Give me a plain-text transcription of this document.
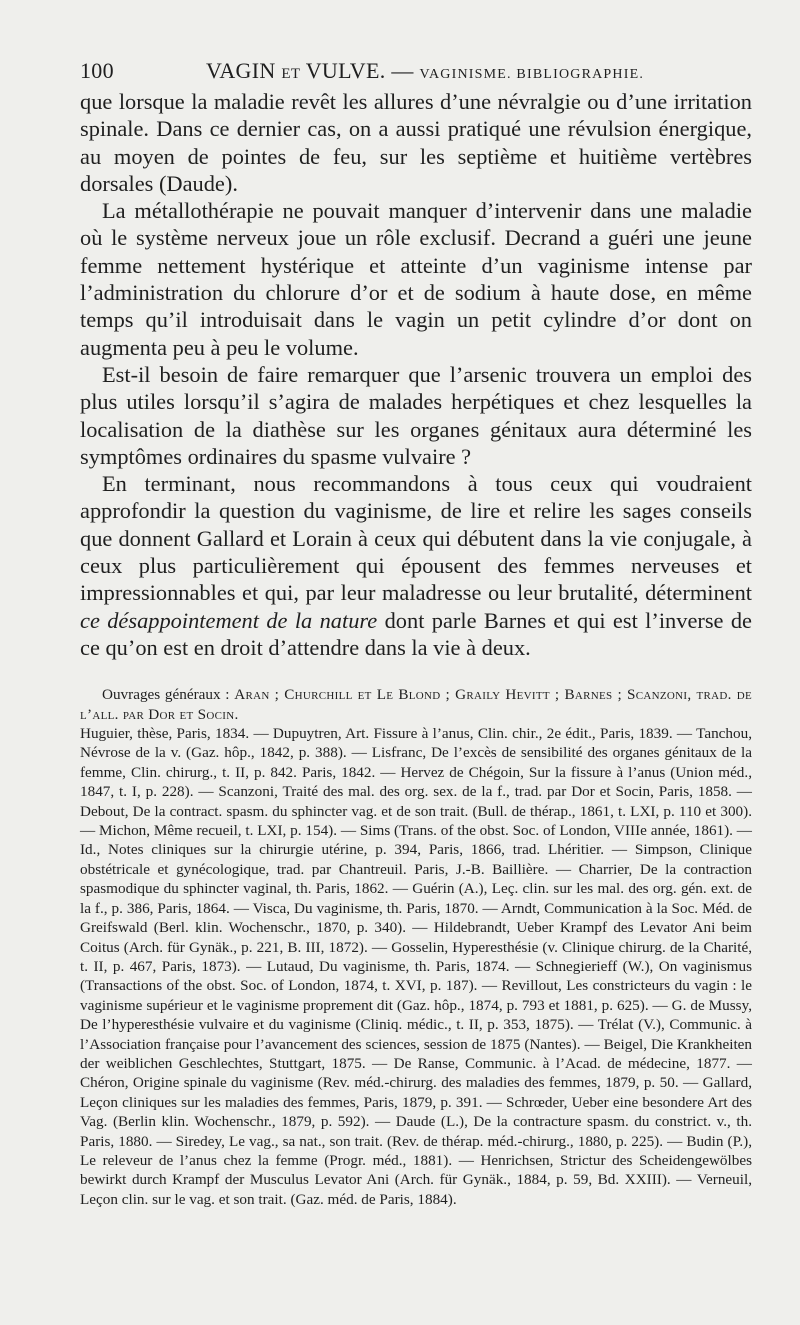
100	VAGIN ET VULVE. — VAGINISME. BIBLIOGRAPHIE.

que lorsque la maladie revêt les allures d’une névralgie ou d’une irritation spinale. Dans ce dernier cas, on a aussi pratiqué une révulsion énergique, au moyen de pointes de feu, sur les septième et huitième vertèbres dorsales (Daude).

La métallothérapie ne pouvait manquer d’intervenir dans une maladie où le système nerveux joue un rôle exclusif. Decrand a guéri une jeune femme nettement hystérique et atteinte d’un vaginisme intense par l’administration du chlorure d’or et de sodium à haute dose, en même temps qu’il introduisait dans le vagin un petit cylindre d’or dont on augmenta peu à peu le volume.

Est-il besoin de faire remarquer que l’arsenic trouvera un emploi des plus utiles lorsqu’il s’agira de malades herpétiques et chez lesquelles la localisation de la diathèse sur les organes génitaux aura déterminé les symptômes ordinaires du spasme vulvaire ?

En terminant, nous recommandons à tous ceux qui voudraient approfondir la question du vaginisme, de lire et relire les sages conseils que donnent Gallard et Lorain à ceux qui débutent dans la vie conjugale, à ceux plus particulièrement qui épousent des femmes nerveuses et impressionnables et qui, par leur maladresse ou leur brutalité, déterminent ce désappointement de la nature dont parle Barnes et qui est l’inverse de ce qu’on est en droit d’attendre dans la vie à deux.

Ouvrages généraux : Aran ; Churchill et Le Blond ; Graily Hevitt ; Barnes ; Scanzoni, trad. de l’all. par Dor et Socin.

Huguier, thèse, Paris, 1834. — Dupuytren, Art. Fissure à l’anus, Clin. chir., 2e édit., Paris, 1839. — Tanchou, Névrose de la v. (Gaz. hôp., 1842, p. 388). — Lisfranc, De l’excès de sensibilité des organes génitaux de la femme, Clin. chirurg., t. II, p. 842. Paris, 1842. — Hervez de Chégoin, Sur la fissure à l’anus (Union méd., 1847, t. I, p. 228). — Scanzoni, Traité des mal. des org. sex. de la f., trad. par Dor et Socin, Paris, 1858. — Debout, De la contract. spasm. du sphincter vag. et de son trait. (Bull. de thérap., 1861, t. LXI, p. 110 et 300). — Michon, Même recueil, t. LXI, p. 154). — Sims (Trans. of the obst. Soc. of London, VIIIe année, 1861). — Id., Notes cliniques sur la chirurgie utérine, p. 394, Paris, 1866, trad. Lhéritier. — Simpson, Clinique obstétricale et gynécologique, trad. par Chantreuil. Paris, J.-B. Baillière. — Charrier, De la contraction spasmodique du sphincter vaginal, th. Paris, 1862. — Guérin (A.), Leç. clin. sur les mal. des org. gén. ext. de la f., p. 386, Paris, 1864. — Visca, Du vaginisme, th. Paris, 1870. — Arndt, Communication à la Soc. Méd. de Greifswald (Berl. klin. Wochenschr., 1870, p. 340). — Hildebrandt, Ueber Krampf des Levator Ani beim Coitus (Arch. für Gynäk., p. 221, B. III, 1872). — Gosselin, Hyperesthésie (v. Clinique chirurg. de la Charité, t. II, p. 467, Paris, 1873). — Lutaud, Du vaginisme, th. Paris, 1874. — Schnegierieff (W.), On vaginismus (Transactions of the obst. Soc. of London, 1874, t. XVI, p. 187). — Revillout, Les constricteurs du vagin : le vaginisme supérieur et le vaginisme proprement dit (Gaz. hôp., 1874, p. 793 et 1881, p. 625). — G. de Mussy, De l’hyperesthésie vulvaire et du vaginisme (Cliniq. médic., t. II, p. 353, 1875). — Trélat (V.), Communic. à l’Association française pour l’avancement des sciences, session de 1875 (Nantes). — Beigel, Die Krankheiten der weiblichen Geschlechtes, Stuttgart, 1875. — De Ranse, Communic. à l’Acad. de médecine, 1877. — Chéron, Origine spinale du vaginisme (Rev. méd.-chirurg. des maladies des femmes, 1879, p. 50. — Gallard, Leçon cliniques sur les maladies des femmes, Paris, 1879, p. 391. — Schrœder, Ueber eine besondere Art des Vag. (Berlin klin. Wochenschr., 1879, p. 592). — Daude (L.), De la contracture spasm. du constrict. v., th. Paris, 1880. — Siredey, Le vag., sa nat., son trait. (Rev. de thérap. méd.-chirurg., 1880, p. 225). — Budin (P.), Le releveur de l’anus chez la femme (Progr. méd., 1881). — Henrichsen, Strictur des Scheidengewölbes bewirkt durch Krampf der Musculus Levator Ani (Arch. für Gynäk., 1884, p. 59, Bd. XXIII). — Verneuil, Leçon clin. sur le vag. et son trait. (Gaz. méd. de Paris, 1884).
